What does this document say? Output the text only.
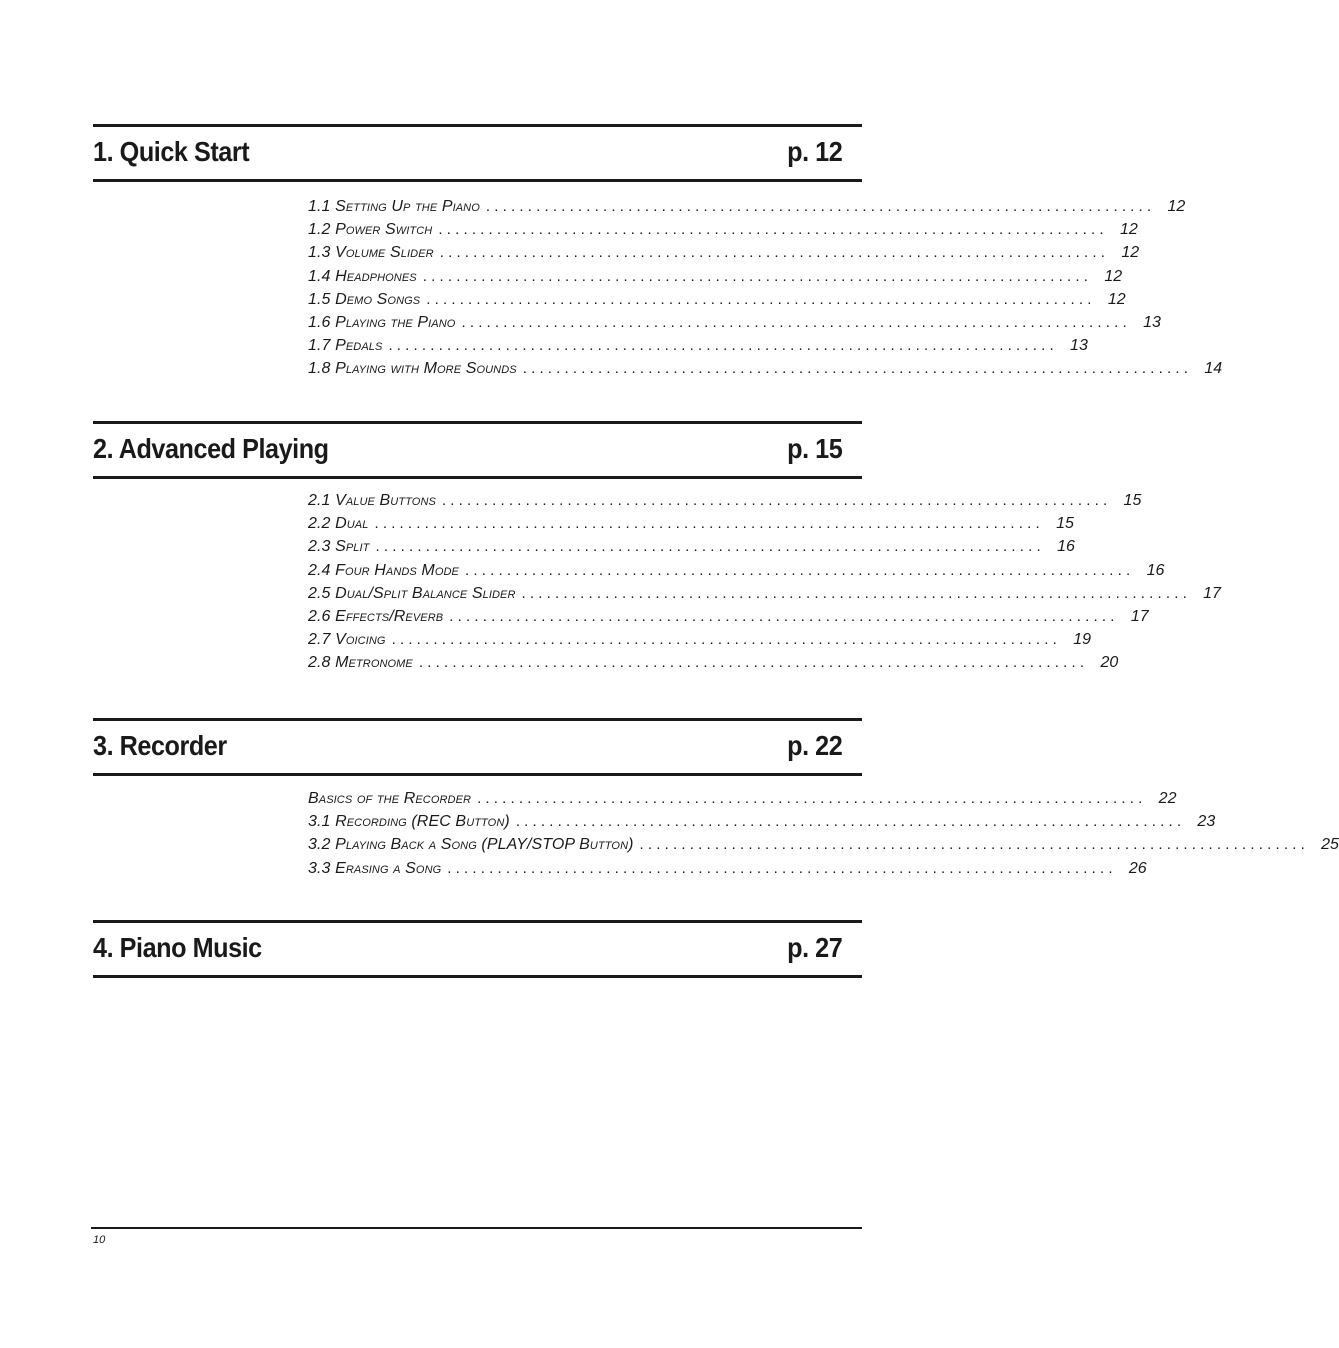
1. Quick Start	p. 12
1.1 Setting Up the Piano ................................................................................ 12
1.2 Power Switch ................................................................................ 12
1.3 Volume Slider ................................................................................ 12
1.4 Headphones ................................................................................ 12
1.5 Demo Songs ................................................................................ 12
1.6 Playing the Piano ................................................................................ 13
1.7 Pedals ................................................................................ 13
1.8 Playing with More Sounds ................................................................................ 14
2. Advanced Playing	p. 15
2.1 Value Buttons ................................................................................ 15
2.2 Dual ................................................................................ 15
2.3 Split ................................................................................ 16
2.4 Four Hands Mode ................................................................................ 16
2.5 Dual/Split Balance Slider ................................................................................ 17
2.6 Effects/Reverb ................................................................................ 17
2.7 Voicing ................................................................................ 19
2.8 Metronome ................................................................................ 20
3. Recorder	p. 22
Basics of the Recorder ................................................................................ 22
3.1 Recording (REC Button) ................................................................................ 23
3.2 Playing Back a Song (PLAY/STOP Button) ................................................................................ 25
3.3 Erasing a Song ................................................................................ 26
4. Piano Music	p. 27
10
